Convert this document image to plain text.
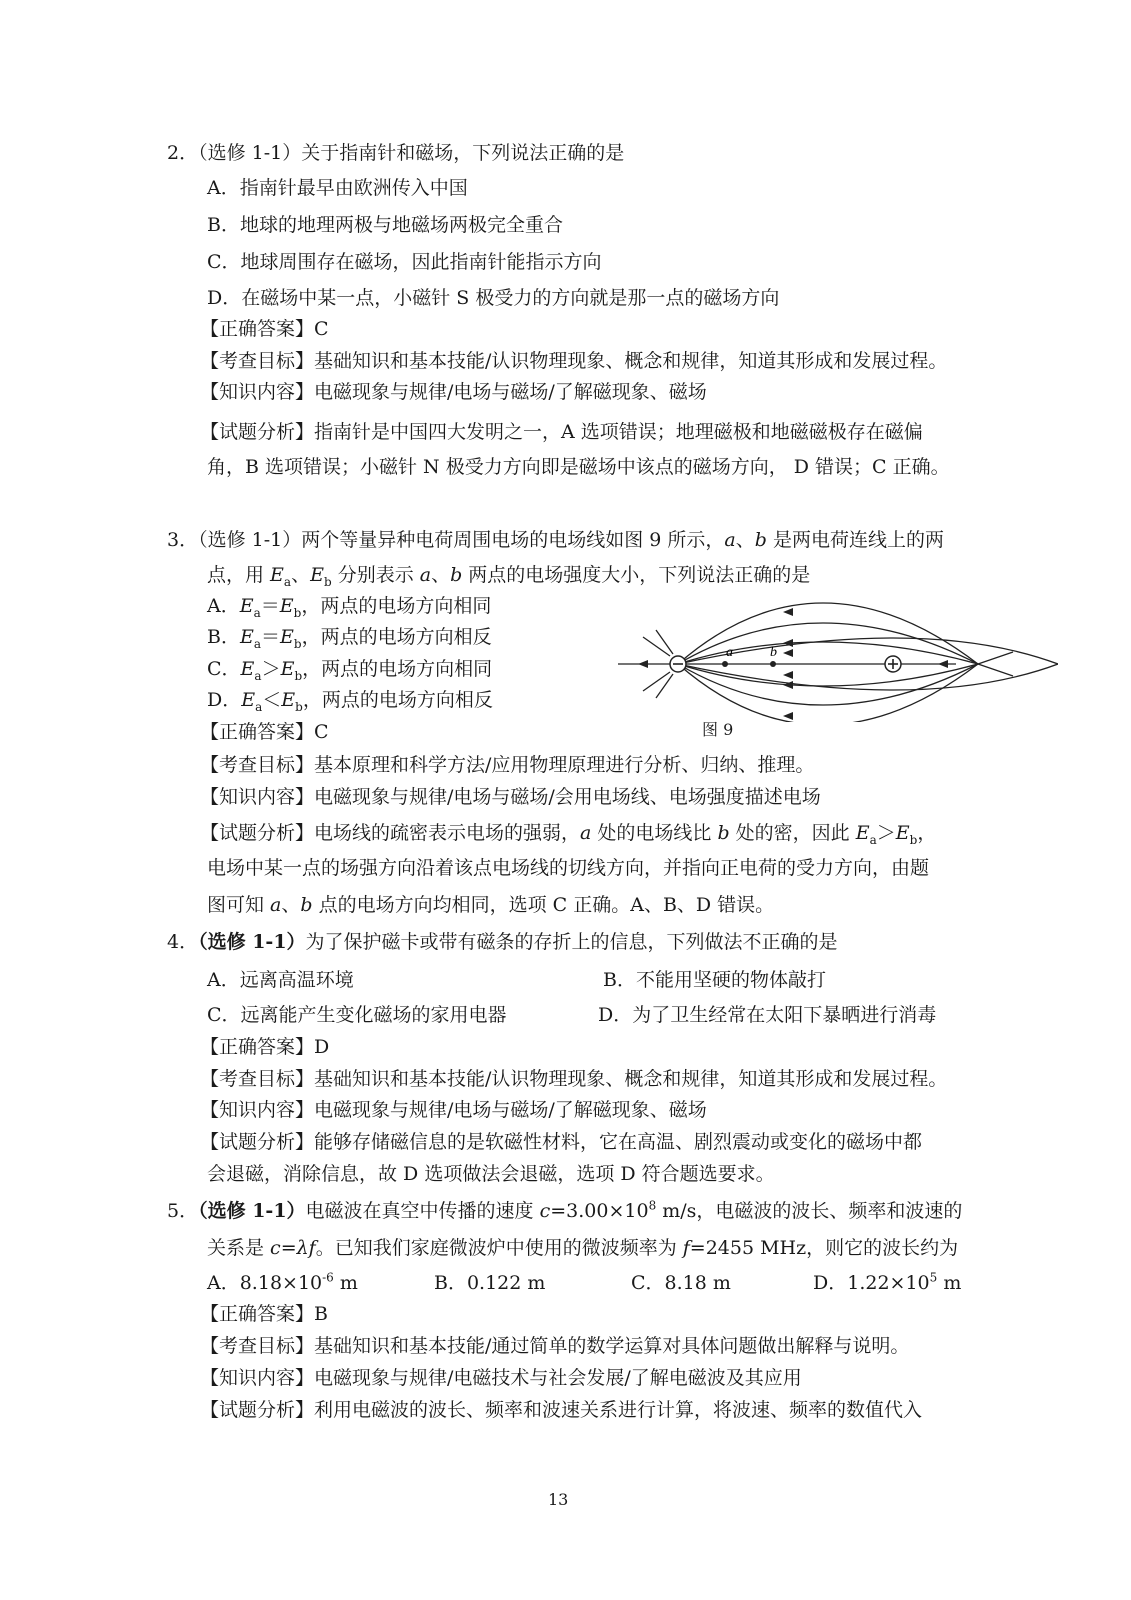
2．（选修 1-1）关于指南针和磁场，下列说法正确的是
A．指南针最早由欧洲传入中国
B．地球的地理两极与地磁场两极完全重合
C．地球周围存在磁场，因此指南针能指示方向
D．在磁场中某一点，小磁针 S 极受力的方向就是那一点的磁场方向
【正确答案】C
【考查目标】基础知识和基本技能/认识物理现象、概念和规律，知道其形成和发展过程。
【知识内容】电磁现象与规律/电场与磁场/了解磁现象、磁场
【试题分析】指南针是中国四大发明之一，A 选项错误；地理磁极和地磁磁极存在磁偏
角，B 选项错误；小磁针 N 极受力方向即是磁场中该点的磁场方向， D 错误；C 正确。
3．（选修 1-1）两个等量异种电荷周围电场的电场线如图 9 所示，a、b 是两电荷连线上的两
点，用 $E_a$、$E_b$ 分别表示 a、b 两点的电场强度大小，下列说法正确的是
A．$E_a=E_b$，两点的电场方向相同
B．$E_a=E_b$，两点的电场方向相反
C．$E_a>E_b$，两点的电场方向相同
D．$E_a<E_b$，两点的电场方向相反
【正确答案】C
【考查目标】基本原理和科学方法/应用物理原理进行分析、归纳、推理。
【知识内容】电磁现象与规律/电场与磁场/会用电场线、电场强度描述电场
【试题分析】电场线的疏密表示电场的强弱，a 处的电场线比 b 处的密，因此 $E_a>E_b$，
电场中某一点的场强方向沿着该点电场线的切线方向，并指向正电荷的受力方向，由题
图可知 a、b 点的电场方向均相同，选项 C 正确。A、B、D 错误。
a	b
图 9
4．（选修 1-1）为了保护磁卡或带有磁条的存折上的信息，下列做法不正确的是
A．远离高温环境	B．不能用坚硬的物体敲打
C．远离能产生变化磁场的家用电器	D．为了卫生经常在太阳下暴晒进行消毒
【正确答案】D
【考查目标】基础知识和基本技能/认识物理现象、概念和规律，知道其形成和发展过程。
【知识内容】电磁现象与规律/电场与磁场/了解磁现象、磁场
【试题分析】能够存储磁信息的是软磁性材料，它在高温、剧烈震动或变化的磁场中都
会退磁，消除信息，故 D 选项做法会退磁，选项 D 符合题选要求。
5．（选修 1-1）电磁波在真空中传播的速度 $c=3.00\times 10^8$ m/s，电磁波的波长、频率和波速的
关系是 c=λf。已知我们家庭微波炉中使用的微波频率为 f=2455 MHz，则它的波长约为
A．$8.18\times 10^{-6}$ m	B．0.122 m	C．8.18 m	D．$1.22\times 10^5$ m
【正确答案】B
【考查目标】基础知识和基本技能/通过简单的数学运算对具体问题做出解释与说明。
【知识内容】电磁现象与规律/电磁技术与社会发展/了解电磁波及其应用
【试题分析】利用电磁波的波长、频率和波速关系进行计算，将波速、频率的数值代入
13
